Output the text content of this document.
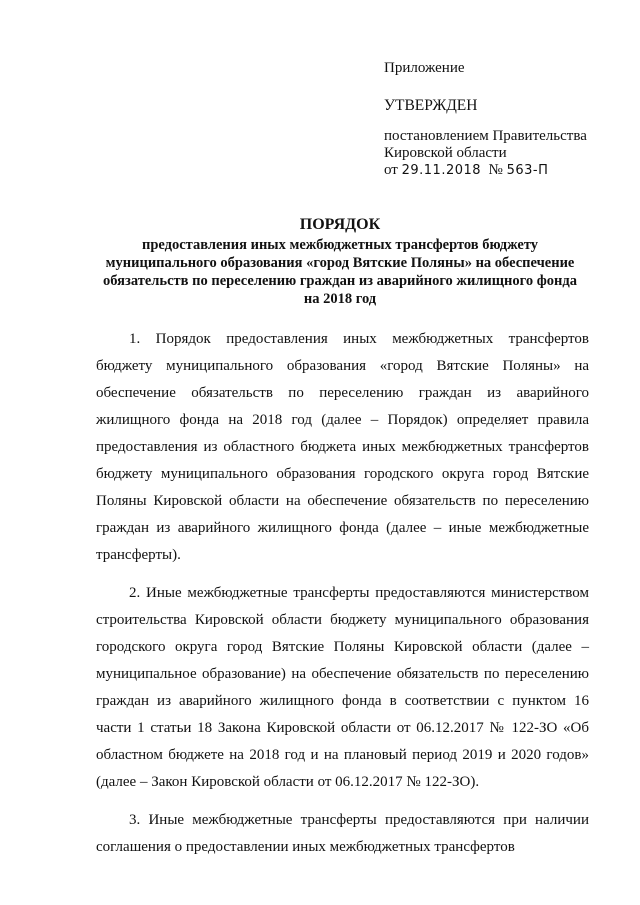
Приложение
УТВЕРЖДЕН
постановлением Правительства
Кировской области
от 29.11.2018 № 563-П
ПОРЯДОК
предоставления иных межбюджетных трансфертов бюджету
муниципального образования «город Вятские Поляны» на обеспечение
обязательств по переселению граждан из аварийного жилищного фонда
на 2018 год

1. Порядок предоставления иных межбюджетных трансфертов бюджету муниципального образования «город Вятские Поляны» на обеспечение обязательств по переселению граждан из аварийного жилищного фонда на 2018 год (далее – Порядок) определяет правила предоставления из областного бюджета иных межбюджетных трансфертов бюджету муниципального образования городского округа город Вятские Поляны Кировской области на обеспечение обязательств по переселению граждан из аварийного жилищного фонда (далее – иные межбюджетные трансферты).

2. Иные межбюджетные трансферты предоставляются министерством строительства Кировской области бюджету муниципального образования городского округа город Вятские Поляны Кировской области (далее – муниципальное образование) на обеспечение обязательств по переселению граждан из аварийного жилищного фонда в соответствии с пунктом 16 части 1 статьи 18 Закона Кировской области от 06.12.2017 № 122-ЗО «Об областном бюджете на 2018 год и на плановый период 2019 и 2020 годов» (далее – Закон Кировской области от 06.12.2017 № 122-ЗО).

3. Иные межбюджетные трансферты предоставляются при наличии соглашения о предоставлении иных межбюджетных трансфертов
